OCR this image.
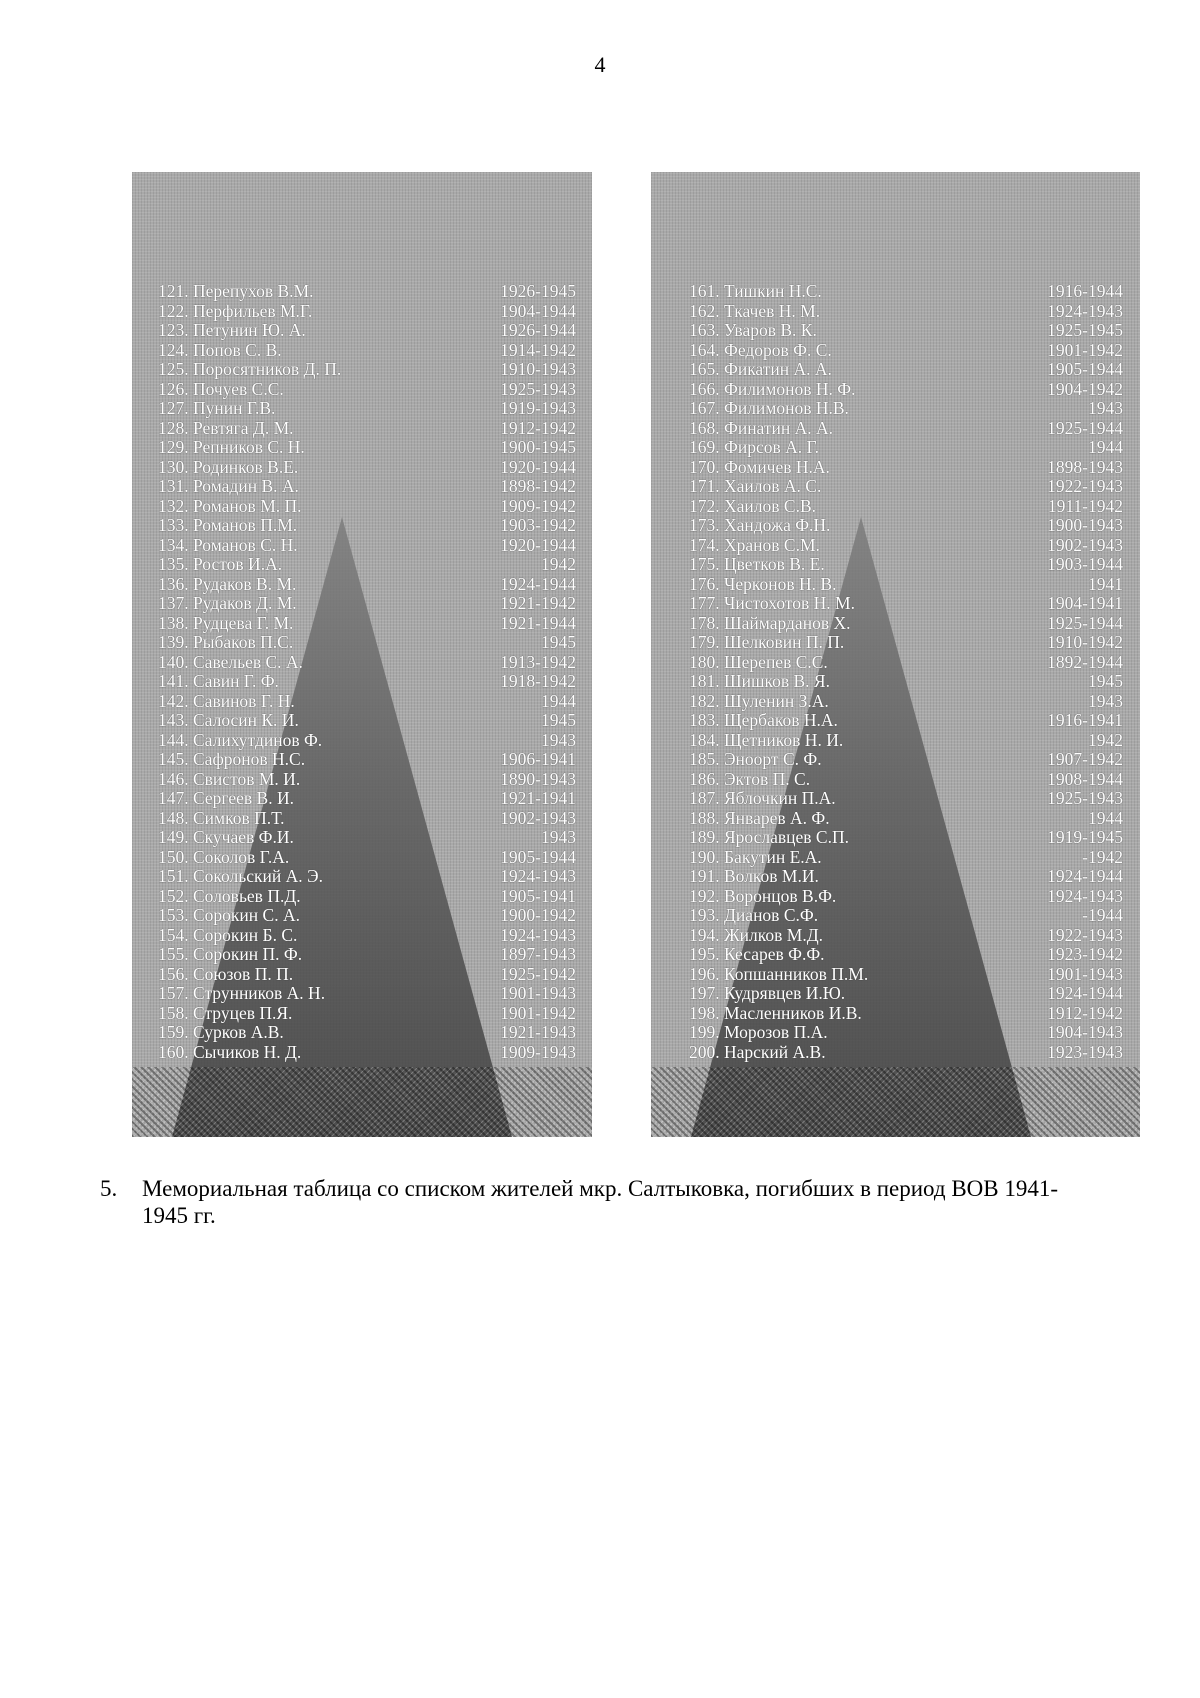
4
121. Перепухов В.М.	1926-1945
122. Перфильев М.Г.	1904-1944
123. Петунин Ю. А.	1926-1944
124. Попов С. В.	1914-1942
125. Поросятников Д. П.	1910-1943
126. Почуев С.С.	1925-1943
127. Пунин Г.В.	1919-1943
128. Ревтяга Д. М.	1912-1942
129. Репников С. Н.	1900-1945
130. Родинков В.Е.	1920-1944
131. Ромадин В. А.	1898-1942
132. Романов М. П.	1909-1942
133. Романов П.М.	1903-1942
134. Романов С. Н.	1920-1944
135. Ростов И.А.	1942
136. Рудаков В. М.	1924-1944
137. Рудаков Д. М.	1921-1942
138. Рудцева Г. М.	1921-1944
139. Рыбаков П.С.	1945
140. Савельев С. А.	1913-1942
141. Савин Г. Ф.	1918-1942
142. Савинов Г. Н.	1944
143. Салосин К. И.	1945
144. Салихутдинов Ф.	1943
145. Сафронов Н.С.	1906-1941
146. Свистов М. И.	1890-1943
147. Сергеев В. И.	1921-1941
148. Симков П.Т.	1902-1943
149. Скучаев Ф.И.	1943
150. Соколов Г.А.	1905-1944
151. Сокольский А. Э.	1924-1943
152. Соловьев П.Д.	1905-1941
153. Сорокин С. А.	1900-1942
154. Сорокин Б. С.	1924-1943
155. Сорокин П. Ф.	1897-1943
156. Союзов П. П.	1925-1942
157. Струнников А. Н.	1901-1943
158. Струцев П.Я.	1901-1942
159. Сурков А.В.	1921-1943
160. Сычиков Н. Д.	1909-1943
161. Тишкин Н.С.	1916-1944
162. Ткачев Н. М.	1924-1943
163. Уваров В. К.	1925-1945
164. Федоров Ф. С.	1901-1942
165. Фикатин А. А.	1905-1944
166. Филимонов Н. Ф.	1904-1942
167. Филимонов Н.В.	1943
168. Финатин А. А.	1925-1944
169. Фирсов А. Г.	1944
170. Фомичев Н.А.	1898-1943
171. Хаилов А. С.	1922-1943
172. Хаилов С.В.	1911-1942
173. Хандожа Ф.Н.	1900-1943
174. Хранов С.М.	1902-1943
175. Цветков В. Е.	1903-1944
176. Черконов Н. В.	1941
177. Чистохотов Н. М.	1904-1941
178. Шаймарданов Х.	1925-1944
179. Шелковин П. П.	1910-1942
180. Шерепев С.С.	1892-1944
181. Шишков В. Я.	1945
182. Шуленин З.А.	1943
183. Щербаков Н.А.	1916-1941
184. Щетников Н. И.	1942
185. Эноорт С. Ф.	1907-1942
186. Эктов П. С.	1908-1944
187. Яблочкин П.А.	1925-1943
188. Январев А. Ф.	1944
189. Ярославцев С.П.	1919-1945
190. Бакутин Е.А.	-1942
191. Волков М.И.	1924-1944
192. Воронцов В.Ф.	1924-1943
193. Дианов С.Ф.	-1944
194. Жилков М.Д.	1922-1943
195. Кесарев Ф.Ф.	1923-1942
196. Копшанников П.М.	1901-1943
197. Кудрявцев И.Ю.	1924-1944
198. Масленников И.В.	1912-1942
199. Морозов П.А.	1904-1943
200. Нарский А.В.	1923-1943
5. Мемориальная таблица со списком жителей мкр. Салтыковка, погибших в период ВОВ 1941-1945 гг.
